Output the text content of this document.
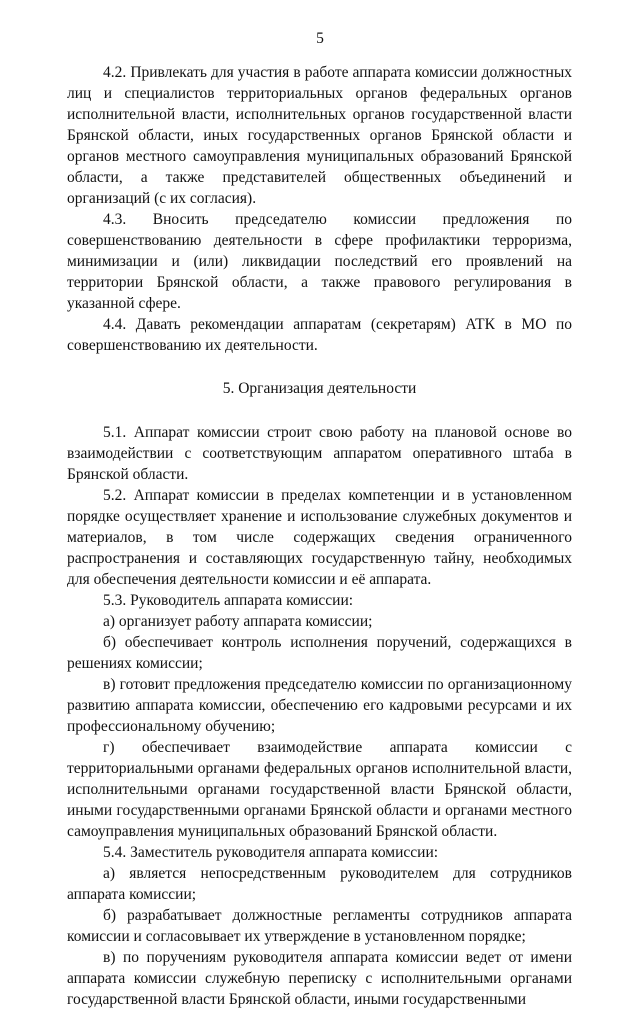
5

4.2. Привлекать для участия в работе аппарата комиссии должностных лиц и специалистов территориальных органов федеральных органов исполнительной власти, исполнительных органов государственной власти Брянской области, иных государственных органов Брянской области и органов местного самоуправления муниципальных образований Брянской области, а также представителей общественных объединений и организаций (с их согласия).

4.3. Вносить председателю комиссии предложения по совершенствованию деятельности в сфере профилактики терроризма, минимизации и (или) ликвидации последствий его проявлений на территории Брянской области, а также правового регулирования в указанной сфере.

4.4. Давать рекомендации аппаратам (секретарям) АТК в МО по совершенствованию их деятельности.

5. Организация деятельности

5.1. Аппарат комиссии строит свою работу на плановой основе во взаимодействии с соответствующим аппаратом оперативного штаба в Брянской области.

5.2. Аппарат комиссии в пределах компетенции и в установленном порядке осуществляет хранение и использование служебных документов и материалов, в том числе содержащих сведения ограниченного распространения и составляющих государственную тайну, необходимых для обеспечения деятельности комиссии и её аппарата.

5.3. Руководитель аппарата комиссии:

а) организует работу аппарата комиссии;

б) обеспечивает контроль исполнения поручений, содержащихся в решениях комиссии;

в) готовит предложения председателю комиссии по организационному развитию аппарата комиссии, обеспечению его кадровыми ресурсами и их профессиональному обучению;

г) обеспечивает взаимодействие аппарата комиссии с территориальными органами федеральных органов исполнительной власти, исполнительными органами государственной власти Брянской области, иными государственными органами Брянской области и органами местного самоуправления муниципальных образований Брянской области.

5.4. Заместитель руководителя аппарата комиссии:

а) является непосредственным руководителем для сотрудников аппарата комиссии;

б) разрабатывает должностные регламенты сотрудников аппарата комиссии и согласовывает их утверждение в установленном порядке;

в) по поручениям руководителя аппарата комиссии ведет от имени аппарата комиссии служебную переписку с исполнительными органами государственной власти Брянской области, иными государственными
